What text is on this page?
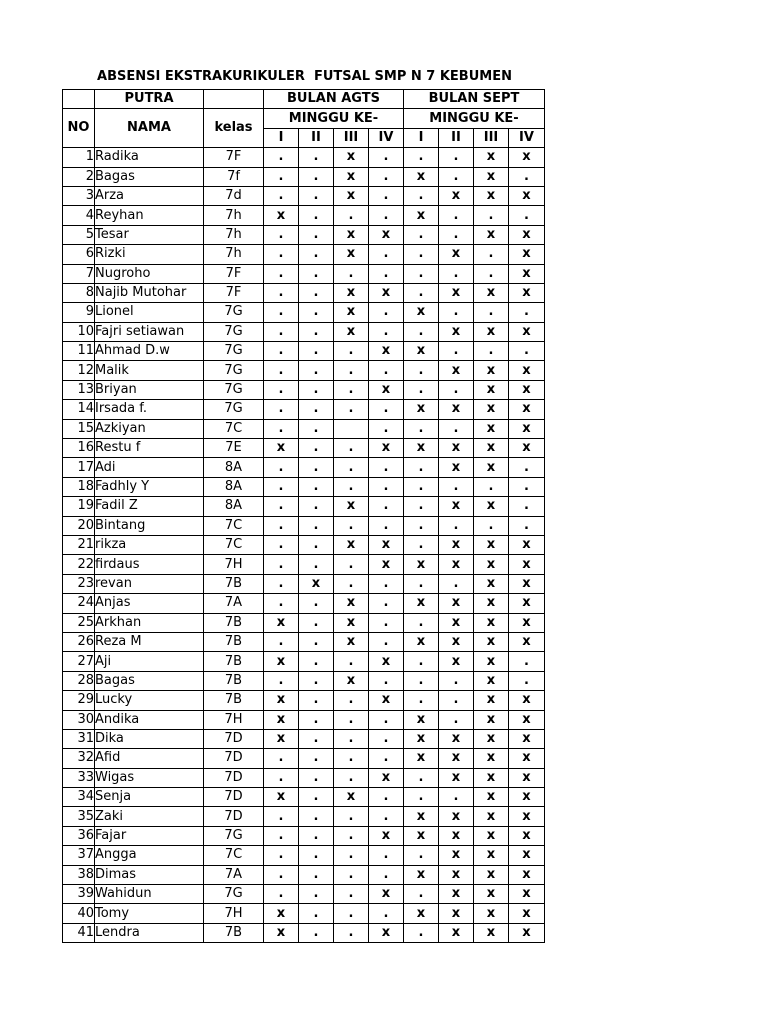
ABSENSI EKSTRAKURIKULER  FUTSAL SMP N 7 KEBUMEN
	PUTRA		BULAN AGTS				BULAN SEPT			
NO	NAMA	kelas	MINGGU KE-				MINGGU KE-			
			I	II	III	IV	I	II	III	IV
1	Radika	7F	.	.	x	.	.	.	x	x
2	Bagas	7f	.	.	x	.	x	.	x	.
3	Arza	7d	.	.	x	.	.	x	x	x
4	Reyhan	7h	x	.	.	.	x	.	.	.
5	Tesar	7h	.	.	x	x	.	.	x	x
6	Rizki	7h	.	.	x	.	.	x	.	x
7	Nugroho	7F	.	.	.	.	.	.	.	x
8	Najib Mutohar	7F	.	.	x	x	.	x	x	x
9	Lionel	7G	.	.	x	.	x	.	.	.
10	Fajri setiawan	7G	.	.	x	.	.	x	x	x
11	Ahmad D.w	7G	.	.	.	x	x	.	.	.
12	Malik	7G	.	.	.	.	.	x	x	x
13	Briyan	7G	.	.	.	x	.	.	x	x
14	Irsada f.	7G	.	.	.	.	x	x	x	x
15	Azkiyan	7C	.	.		.	.	.	x	x
16	Restu f	7E	x	.	.	x	x	x	x	x
17	Adi	8A	.	.	.	.	.	x	x	.
18	Fadhly Y	8A	.	.	.	.	.	.	.	.
19	Fadil Z	8A	.	.	x	.	.	x	x	.
20	Bintang	7C	.	.	.	.	.	.	.	.
21	rikza	7C	.	.	x	x	.	x	x	x
22	firdaus	7H	.	.	.	x	x	x	x	x
23	revan	7B	.	x	.	.	.	.	x	x
24	Anjas	7A	.	.	x	.	x	x	x	x
25	Arkhan	7B	x	.	x	.	.	x	x	x
26	Reza M	7B	.	.	x	.	x	x	x	x
27	Aji	7B	x	.	.	x	.	x	x	.
28	Bagas	7B	.	.	x	.	.	.	x	.
29	Lucky	7B	x	.	.	x	.	.	x	x
30	Andika	7H	x	.	.	.	x	.	x	x
31	Dika	7D	x	.	.	.	x	x	x	x
32	Afid	7D	.	.	.	.	x	x	x	x
33	Wigas	7D	.	.	.	x	.	x	x	x
34	Senja	7D	x	.	x	.	.	.	x	x
35	Zaki	7D	.	.	.	.	x	x	x	x
36	Fajar	7G	.	.	.	x	x	x	x	x
37	Angga	7C	.	.	.	.	.	x	x	x
38	Dimas	7A	.	.	.	.	x	x	x	x
39	Wahidun	7G	.	.	.	x	.	x	x	x
40	Tomy	7H	x	.	.	.	x	x	x	x
41	Lendra	7B	x	.	.	x	.	x	x	x
